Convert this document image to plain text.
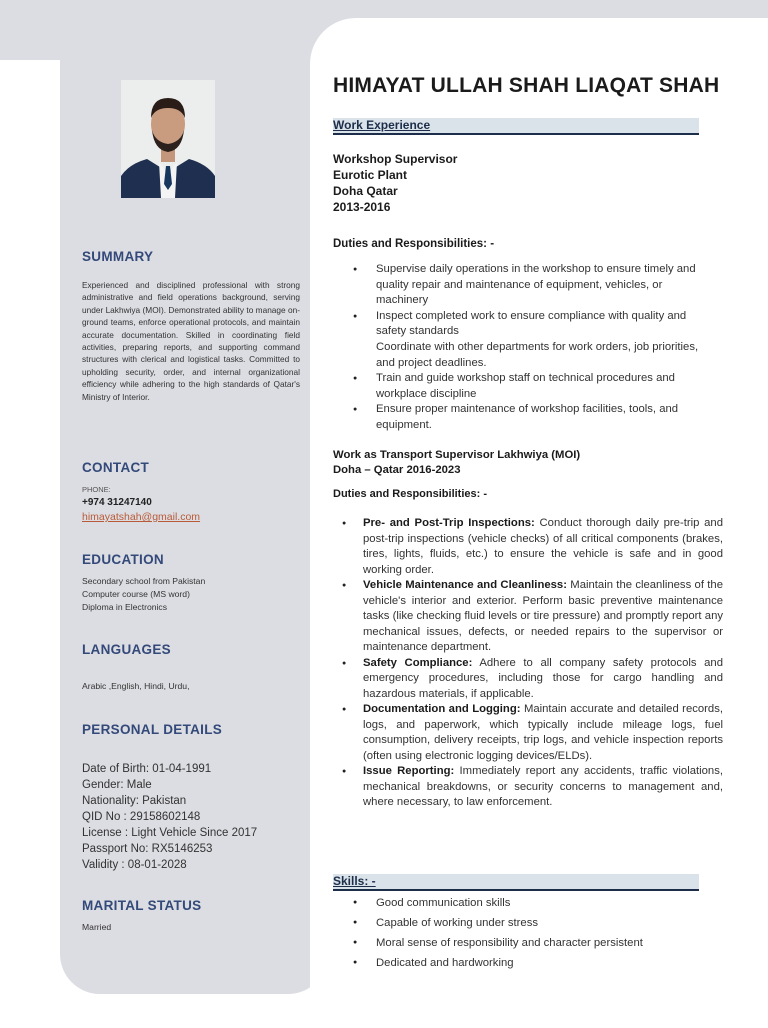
HIMAYAT ULLAH SHAH LIAQAT SHAH
SUMMARY
Experienced and disciplined professional with strong administrative and field operations background, serving under Lakhwiya (MOI). Demonstrated ability to manage on-ground teams, enforce operational protocols, and maintain accurate documentation. Skilled in coordinating field activities, preparing reports, and supporting command structures with clerical and logistical tasks. Committed to upholding security, order, and internal organizational efficiency while adhering to the high standards of Qatar's Ministry of Interior.
CONTACT
PHONE:
+974 31247140
himayatshah@gmail.com
EDUCATION
Secondary school from Pakistan
Computer course (MS word)
Diploma in Electronics
LANGUAGES
Arabic ,English, Hindi, Urdu,
PERSONAL DETAILS
Date of Birth: 01-04-1991
Gender: Male
Nationality: Pakistan
QID No : 29158602148
License : Light Vehicle Since 2017
Passport No: RX5146253
Validity : 08-01-2028
MARITAL STATUS
Married
Work Experience
Workshop Supervisor
Eurotic Plant
Doha Qatar
2013-2016
Duties and Responsibilities: -
● Supervise daily operations in the workshop to ensure timely and quality repair and maintenance of equipment, vehicles, or machinery
● Inspect completed work to ensure compliance with quality and safety standards
Coordinate with other departments for work orders, job priorities, and project deadlines.
● Train and guide workshop staff on technical procedures and workplace discipline
● Ensure proper maintenance of workshop facilities, tools, and equipment.
Work as Transport Supervisor Lakhwiya (MOI)
Doha – Qatar 2016-2023
Duties and Responsibilities: -
● Pre- and Post-Trip Inspections: Conduct thorough daily pre-trip and post-trip inspections (vehicle checks) of all critical components (brakes, tires, lights, fluids, etc.) to ensure the vehicle is safe and in good working order.
● Vehicle Maintenance and Cleanliness: Maintain the cleanliness of the vehicle's interior and exterior. Perform basic preventive maintenance tasks (like checking fluid levels or tire pressure) and promptly report any mechanical issues, defects, or needed repairs to the supervisor or maintenance department.
● Safety Compliance: Adhere to all company safety protocols and emergency procedures, including those for cargo handling and hazardous materials, if applicable.
● Documentation and Logging: Maintain accurate and detailed records, logs, and paperwork, which typically include mileage logs, fuel consumption, delivery receipts, trip logs, and vehicle inspection reports (often using electronic logging devices/ELDs).
● Issue Reporting: Immediately report any accidents, traffic violations, mechanical breakdowns, or security concerns to management and, where necessary, to law enforcement.
Skills: -
● Good communication skills
● Capable of working under stress
● Moral sense of responsibility and character persistent
● Dedicated and hardworking
